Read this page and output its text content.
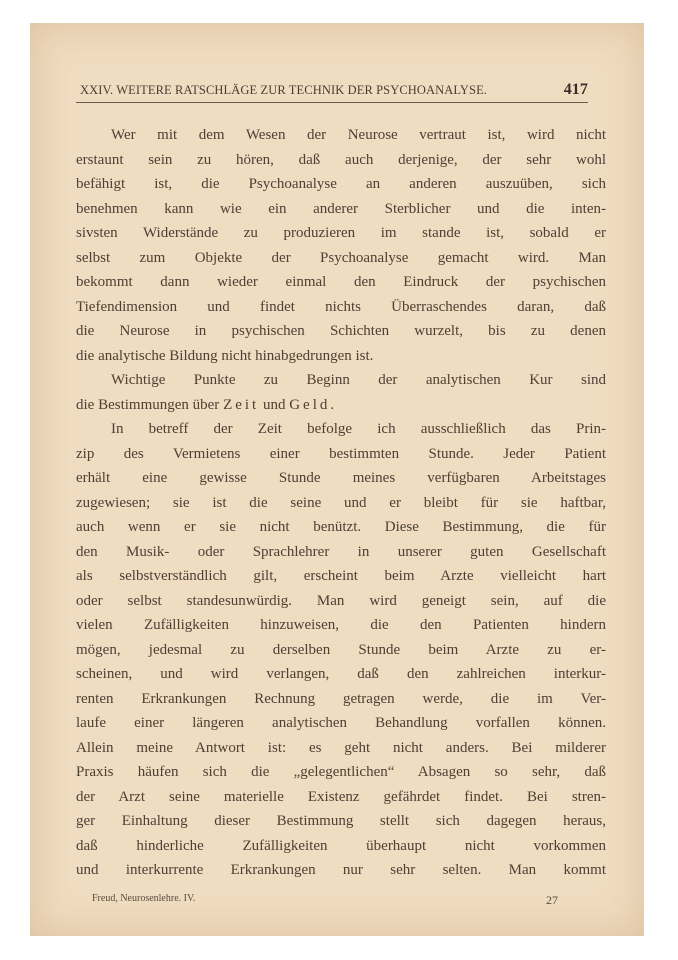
XXIV. WEITERE RATSCHLÄGE ZUR TECHNIK DER PSYCHOANALYSE.	417
Wer mit dem Wesen der Neurose vertraut ist, wird nicht
erstaunt sein zu hören, daß auch derjenige, der sehr wohl
befähigt ist, die Psychoanalyse an anderen auszuüben, sich
benehmen kann wie ein anderer Sterblicher und die inten-
sivsten Widerstände zu produzieren im stande ist, sobald er
selbst zum Objekte der Psychoanalyse gemacht wird. Man
bekommt dann wieder einmal den Eindruck der psychischen
Tiefendimension und findet nichts Überraschendes daran, daß
die Neurose in psychischen Schichten wurzelt, bis zu denen
die analytische Bildung nicht hinabgedrungen ist.
Wichtige Punkte zu Beginn der analytischen Kur sind
die Bestimmungen über Zeit und Geld.
In betreff der Zeit befolge ich ausschließlich das Prin-
zip des Vermietens einer bestimmten Stunde. Jeder Patient
erhält eine gewisse Stunde meines verfügbaren Arbeitstages
zugewiesen; sie ist die seine und er bleibt für sie haftbar,
auch wenn er sie nicht benützt. Diese Bestimmung, die für
den Musik- oder Sprachlehrer in unserer guten Gesellschaft
als selbstverständlich gilt, erscheint beim Arzte vielleicht hart
oder selbst standesunwürdig. Man wird geneigt sein, auf die
vielen Zufälligkeiten hinzuweisen, die den Patienten hindern
mögen, jedesmal zu derselben Stunde beim Arzte zu er-
scheinen, und wird verlangen, daß den zahlreichen interkur-
renten Erkrankungen Rechnung getragen werde, die im Ver-
laufe einer längeren analytischen Behandlung vorfallen können.
Allein meine Antwort ist: es geht nicht anders. Bei milderer
Praxis häufen sich die „gelegentlichen“ Absagen so sehr, daß
der Arzt seine materielle Existenz gefährdet findet. Bei stren-
ger Einhaltung dieser Bestimmung stellt sich dagegen heraus,
daß hinderliche Zufälligkeiten überhaupt nicht vorkommen
und interkurrente Erkrankungen nur sehr selten. Man kommt
Freud, Neurosenlehre. IV.	27
